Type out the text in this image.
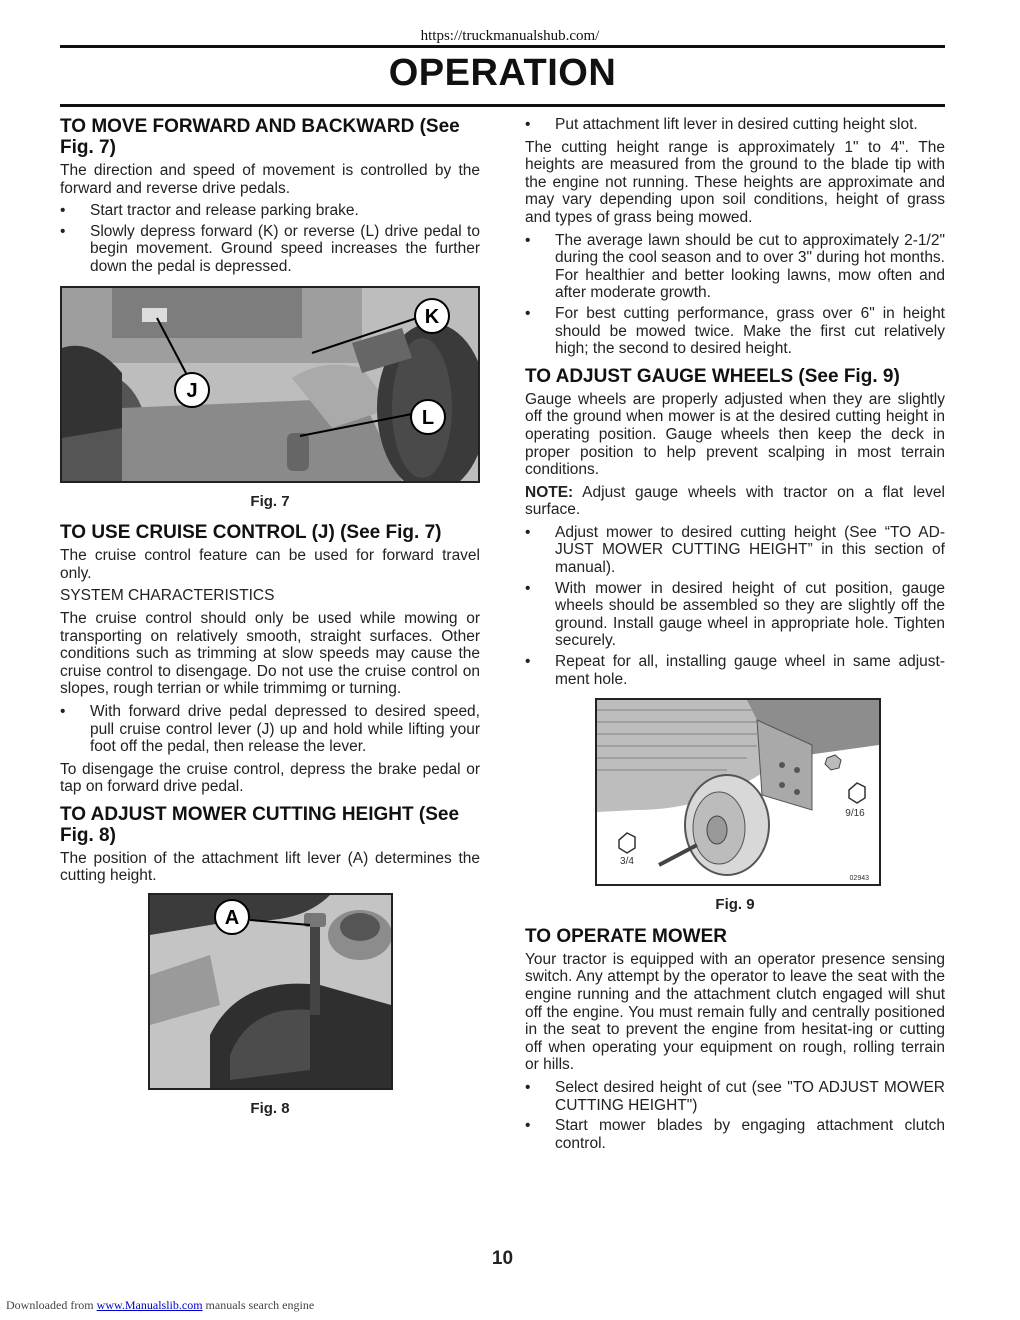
https://truckmanualshub.com/
OPERATION
TO MOVE FORWARD AND BACKWARD (See Fig. 7)

The direction and speed of movement is controlled by the forward and reverse drive pedals.

• Start tractor and release parking brake.
• Slowly depress forward (K) or reverse (L) drive pedal to begin movement. Ground speed increases the further down the pedal is depressed.
K
J
L
Fig. 7
TO USE CRUISE CONTROL (J) (See Fig. 7)

The cruise control feature can be used for forward travel only.

SYSTEM CHARACTERISTICS

The cruise control should only be used while mowing or transporting on relatively smooth, straight surfaces. Other conditions such as trimming at slow speeds may cause the cruise control to disengage. Do not use the cruise control on slopes, rough terrian or while trimmimg or turning.

• With forward drive pedal depressed to desired speed, pull cruise control lever (J) up and hold while lifting your foot off the pedal, then release the lever.

To disengage the cruise control, depress the brake pedal or tap on forward drive pedal.

TO ADJUST MOWER CUTTING HEIGHT (See Fig. 8)

The position of the attachment lift lever (A) determines the cutting height.

A
Fig. 8
• Put attachment lift lever in desired cutting height slot.

The cutting height range is approximately 1" to 4". The heights are measured from the ground to the blade tip with the engine not running. These heights are approximate and may vary depending upon soil conditions, height of grass and types of grass being mowed.

• The average lawn should be cut to approximately 2-1/2" during the cool season and to over 3" during hot months. For healthier and better looking lawns, mow often and after moderate growth.
• For best cutting performance, grass over 6" in height should be mowed twice. Make the first cut relatively high; the second to desired height.
TO ADJUST GAUGE WHEELS (See Fig. 9)

Gauge wheels are properly adjusted when they are slightly off the ground when mower is at the desired cutting height in operating position. Gauge wheels then keep the deck in proper position to help prevent scalping in most terrain conditions.

NOTE: Adjust gauge wheels with tractor on a flat level surface.

• Adjust mower to desired cutting height (See “TO AD-JUST MOWER CUTTING HEIGHT” in this section of manual).
• With mower in desired height of cut position, gauge wheels should be assembled so they are slightly off the ground. Install gauge wheel in appropriate hole. Tighten securely.
• Repeat for all, installing gauge wheel in same adjust-ment hole.
9/16
3/4
02943
Fig. 9
TO OPERATE MOWER

Your tractor is equipped with an operator presence sensing switch. Any attempt by the operator to leave the seat with the engine running and the attachment clutch engaged will shut off the engine. You must remain fully and centrally positioned in the seat to prevent the engine from hesitat-ing or cutting off when operating your equipment on rough, rolling terrain or hills.

• Select desired height of cut (see "TO ADJUST MOWER CUTTING HEIGHT")
• Start mower blades by engaging attachment clutch control.
10
Downloaded from www.Manualslib.com manuals search engine
